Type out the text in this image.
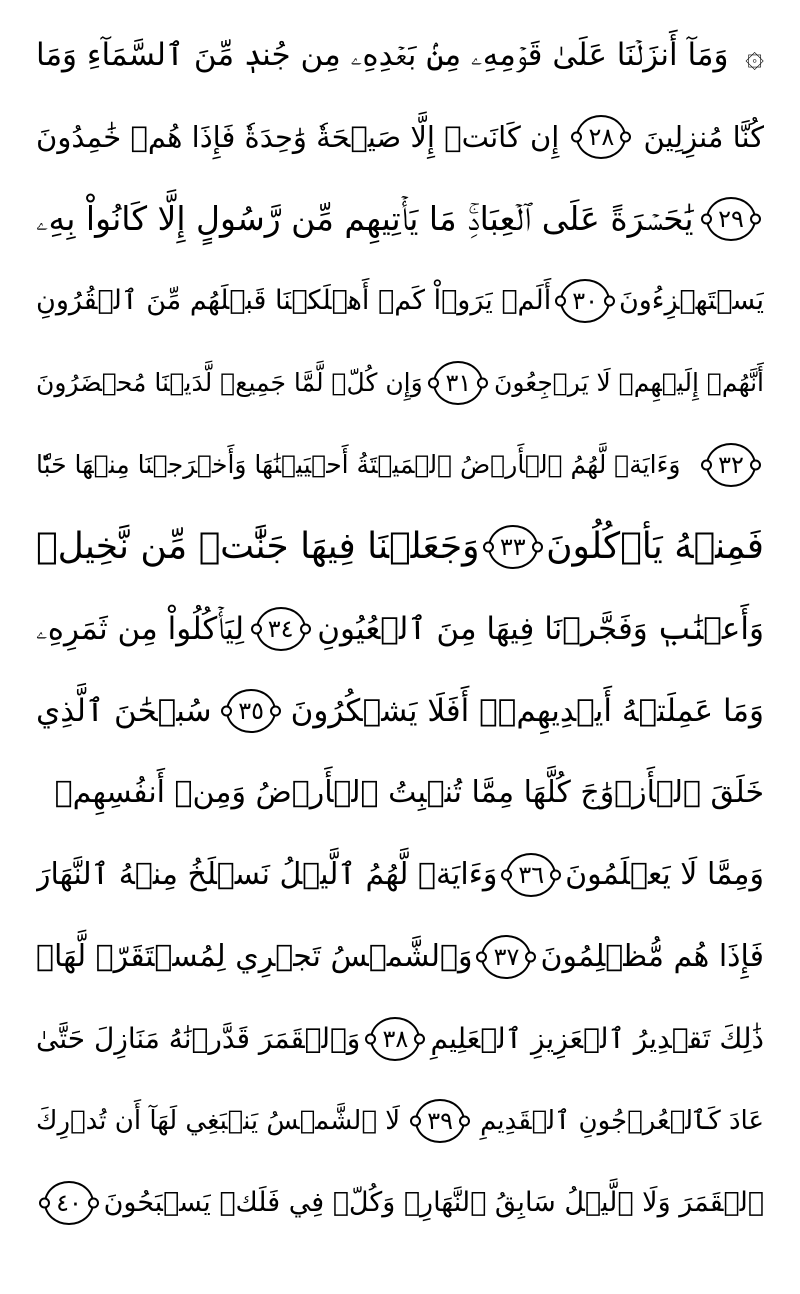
۞
وَمَآ أَنزَلۡنَا عَلَىٰ قَوۡمِهِۦ مِنۢ بَعۡدِهِۦ مِن جُندٖ مِّنَ ٱلسَّمَآءِ وَمَا
كُنَّا مُنزِلِينَ
٢٨
إِن كَانَتۡ إِلَّا صَيۡحَةٗ وَٰحِدَةٗ فَإِذَا هُمۡ خَٰمِدُونَ
٢٩
يَٰحَسۡرَةً عَلَى ٱلۡعِبَادِۚ مَا يَأۡتِيهِم مِّن رَّسُولٍ إِلَّا كَانُواْ بِهِۦ
يَسۡتَهۡزِءُونَ
٣٠
أَلَمۡ يَرَوۡاْ كَمۡ أَهۡلَكۡنَا قَبۡلَهُم مِّنَ ٱلۡقُرُونِ
أَنَّهُمۡ إِلَيۡهِمۡ لَا يَرۡجِعُونَ
٣١
وَإِن كُلّٞ لَّمَّا جَمِيعٞ لَّدَيۡنَا مُحۡضَرُونَ
٣٢
وَءَايَةٞ لَّهُمُ ٱلۡأَرۡضُ ٱلۡمَيۡتَةُ أَحۡيَيۡنَٰهَا وَأَخۡرَجۡنَا مِنۡهَا حَبّٗا
فَمِنۡهُ يَأۡكُلُونَ
٣٣
وَجَعَلۡنَا فِيهَا جَنَّٰتٖ مِّن نَّخِيلٖ
وَأَعۡنَٰبٖ وَفَجَّرۡنَا فِيهَا مِنَ ٱلۡعُيُونِ
٣٤
لِيَأۡكُلُواْ مِن ثَمَرِهِۦ
وَمَا عَمِلَتۡهُ أَيۡدِيهِمۡۚ أَفَلَا يَشۡكُرُونَ
٣٥
سُبۡحَٰنَ ٱلَّذِي
خَلَقَ ٱلۡأَزۡوَٰجَ كُلَّهَا مِمَّا تُنۢبِتُ ٱلۡأَرۡضُ وَمِنۡ أَنفُسِهِمۡ
وَمِمَّا لَا يَعۡلَمُونَ
٣٦
وَءَايَةٞ لَّهُمُ ٱلَّيۡلُ نَسۡلَخُ مِنۡهُ ٱلنَّهَارَ
فَإِذَا هُم مُّظۡلِمُونَ
٣٧
وَٱلشَّمۡسُ تَجۡرِي لِمُسۡتَقَرّٖ لَّهَاۚ
ذَٰلِكَ تَقۡدِيرُ ٱلۡعَزِيزِ ٱلۡعَلِيمِ
٣٨
وَٱلۡقَمَرَ قَدَّرۡنَٰهُ مَنَازِلَ حَتَّىٰ
عَادَ كَٱلۡعُرۡجُونِ ٱلۡقَدِيمِ
٣٩
لَا ٱلشَّمۡسُ يَنۢبَغِي لَهَآ أَن تُدۡرِكَ
ٱلۡقَمَرَ وَلَا ٱلَّيۡلُ سَابِقُ ٱلنَّهَارِۚ وَكُلّٞ فِي فَلَكٖ يَسۡبَحُونَ
٤٠
